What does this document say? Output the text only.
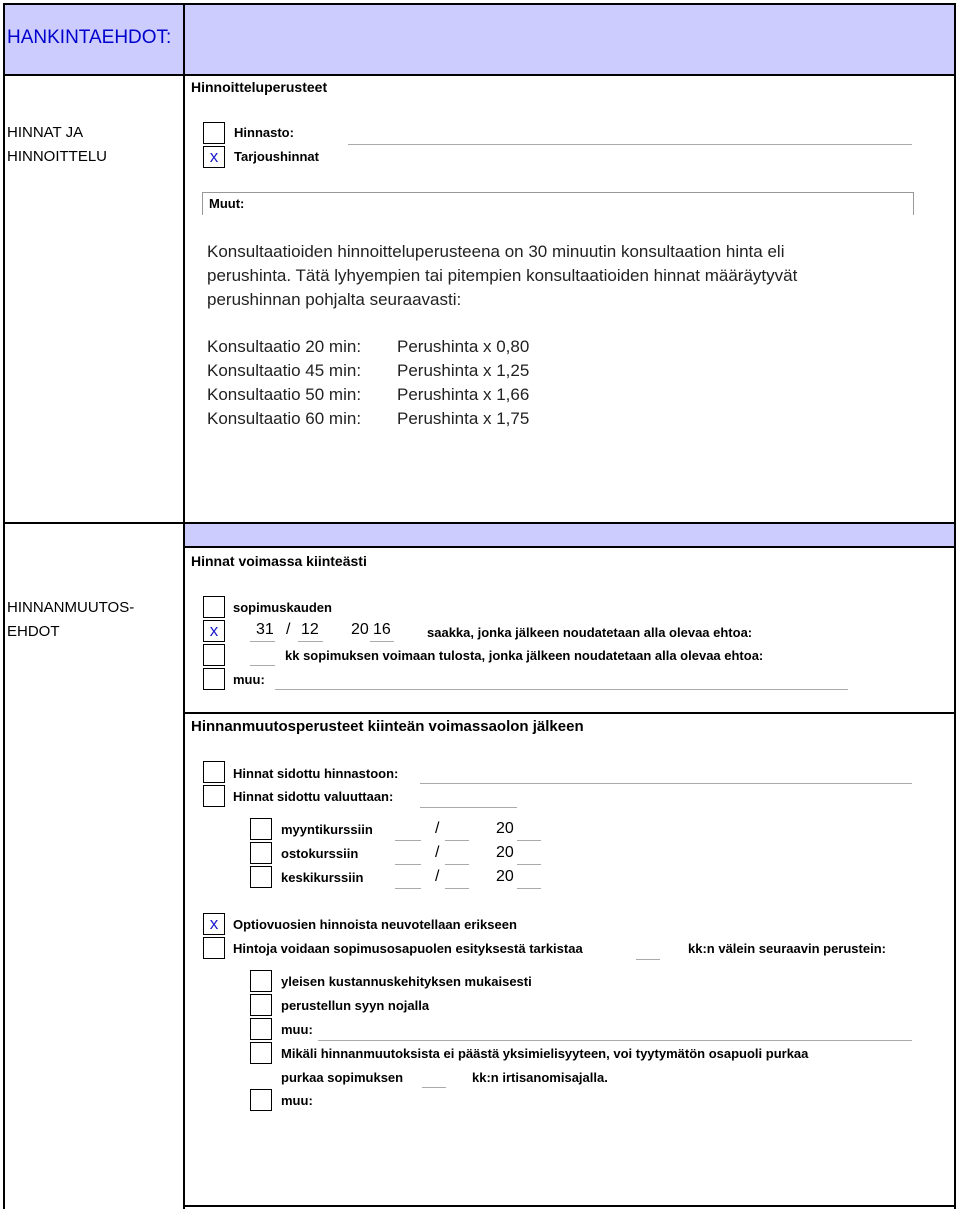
HANKINTAEHDOT:
Hinnoitteluperusteet
HINNAT JA
HINNOITTELU
Hinnasto:
x	Tarjoushinnat
Muut:
Konsultaatioiden hinnoitteluperusteena on 30 minuutin konsultaation hinta eli
perushinta. Tätä lyhyempien tai pitempien konsultaatioiden hinnat määräytyvät
perushinnan pohjalta seuraavasti:
Konsultaatio 20 min: Perushinta x 0,80
Konsultaatio 45 min: Perushinta x 1,25
Konsultaatio 50 min: Perushinta x 1,66
Konsultaatio 60 min: Perushinta x 1,75
Hinnat voimassa kiinteästi
HINNANMUUTOS-
EHDOT
sopimuskauden
x	31 / 12 20 16	saakka, jonka jälkeen noudatetaan alla olevaa ehtoa:
kk sopimuksen voimaan tulosta, jonka jälkeen noudatetaan alla olevaa ehtoa:
muu:
Hinnanmuutosperusteet kiinteän voimassaolon jälkeen
Hinnat sidottu hinnastoon:
Hinnat sidottu valuuttaan:
myyntikurssiin	/	20
ostokurssiin	/	20
keskikurssiin	/	20
x	Optiovuosien hinnoista neuvotellaan erikseen
Hintoja voidaan sopimusosapuolen esityksestä tarkistaa	kk:n välein seuraavin perustein:
yleisen kustannuskehityksen mukaisesti
perustellun syyn nojalla
muu:
Mikäli hinnanmuutoksista ei päästä yksimielisyyteen, voi tyytymätön osapuoli purkaa
purkaa sopimuksen	kk:n irtisanomisajalla.
muu:
